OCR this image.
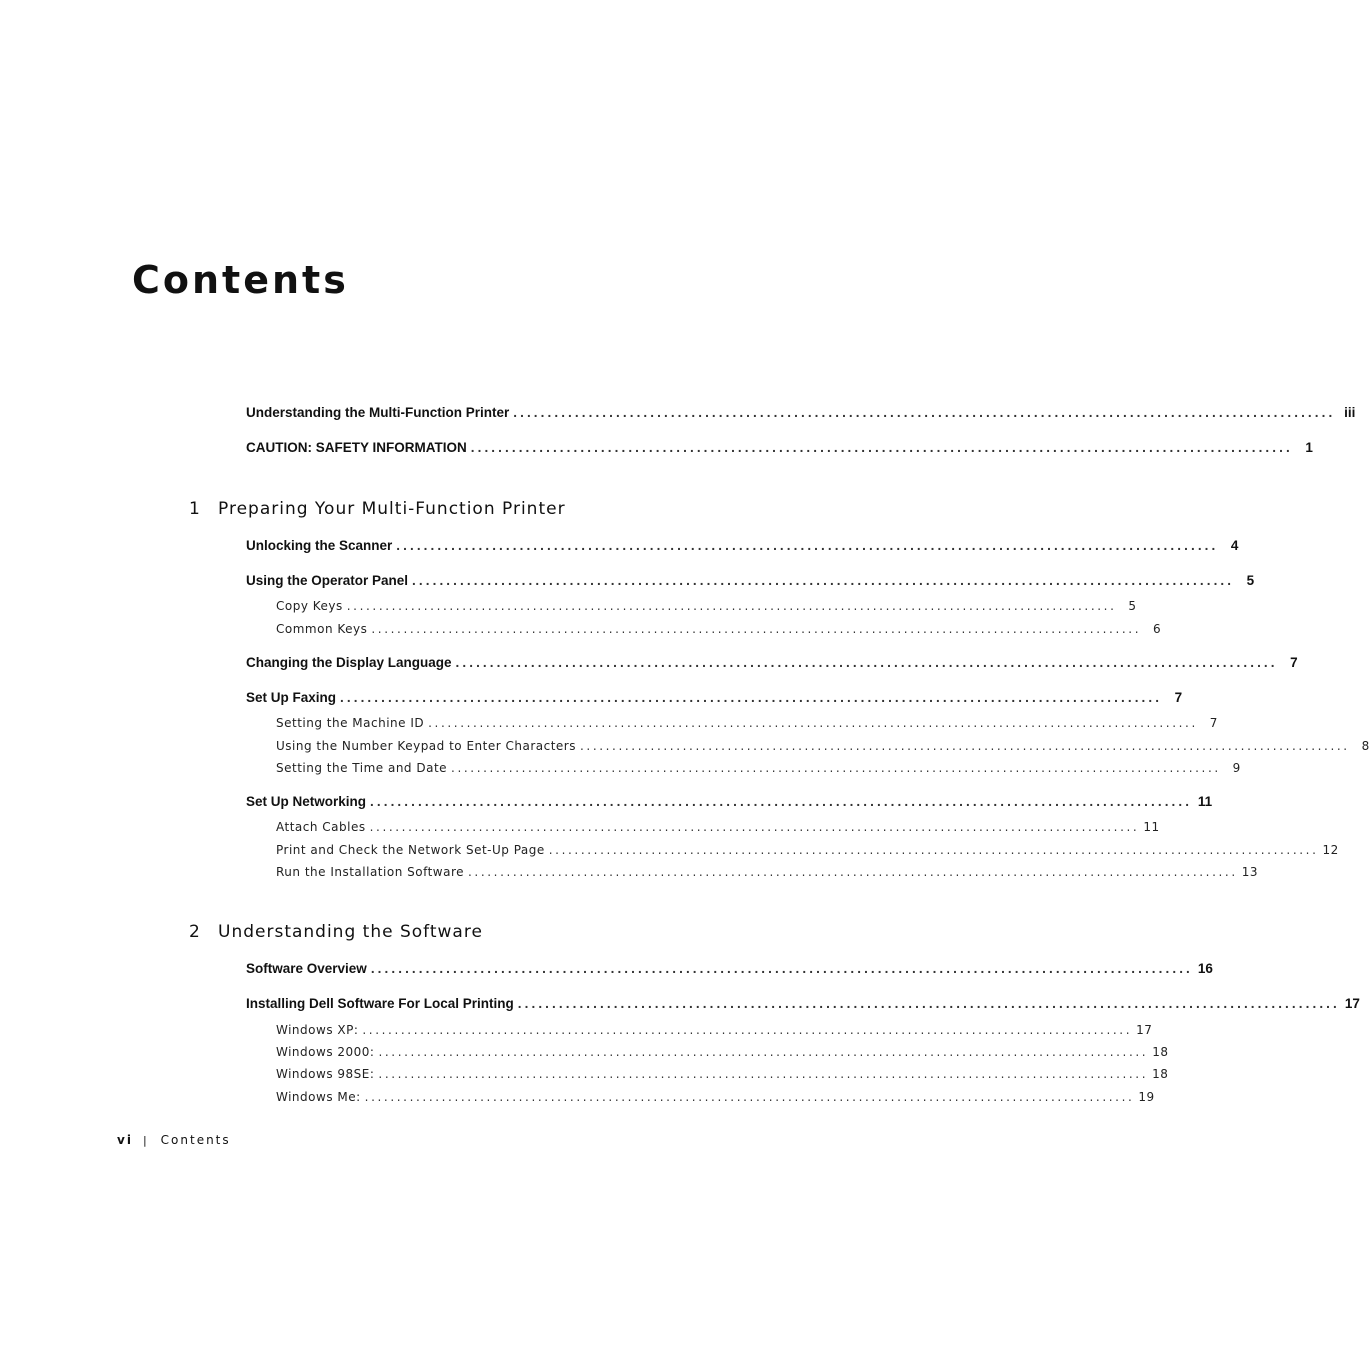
Contents
Understanding the Multi-Function Printer ........................................................................................................................ iii
CAUTION: SAFETY INFORMATION ........................................................................................................................ 1
1 Preparing Your Multi-Function Printer
Unlocking the Scanner ........................................................................................................................ 4
Using the Operator Panel ........................................................................................................................ 5
Copy Keys ........................................................................................................................ 5
Common Keys ........................................................................................................................ 6
Changing the Display Language ........................................................................................................................ 7
Set Up Faxing ........................................................................................................................ 7
Setting the Machine ID ........................................................................................................................ 7
Using the Number Keypad to Enter Characters ........................................................................................................................ 8
Setting the Time and Date ........................................................................................................................ 9
Set Up Networking ........................................................................................................................ 11
Attach Cables ........................................................................................................................ 11
Print and Check the Network Set-Up Page ........................................................................................................................ 12
Run the Installation Software ........................................................................................................................ 13
2 Understanding the Software
Software Overview ........................................................................................................................ 16
Installing Dell Software For Local Printing ........................................................................................................................ 17
Windows XP: ........................................................................................................................ 17
Windows 2000: ........................................................................................................................ 18
Windows 98SE: ........................................................................................................................ 18
Windows Me: ........................................................................................................................ 19
vi | Contents
